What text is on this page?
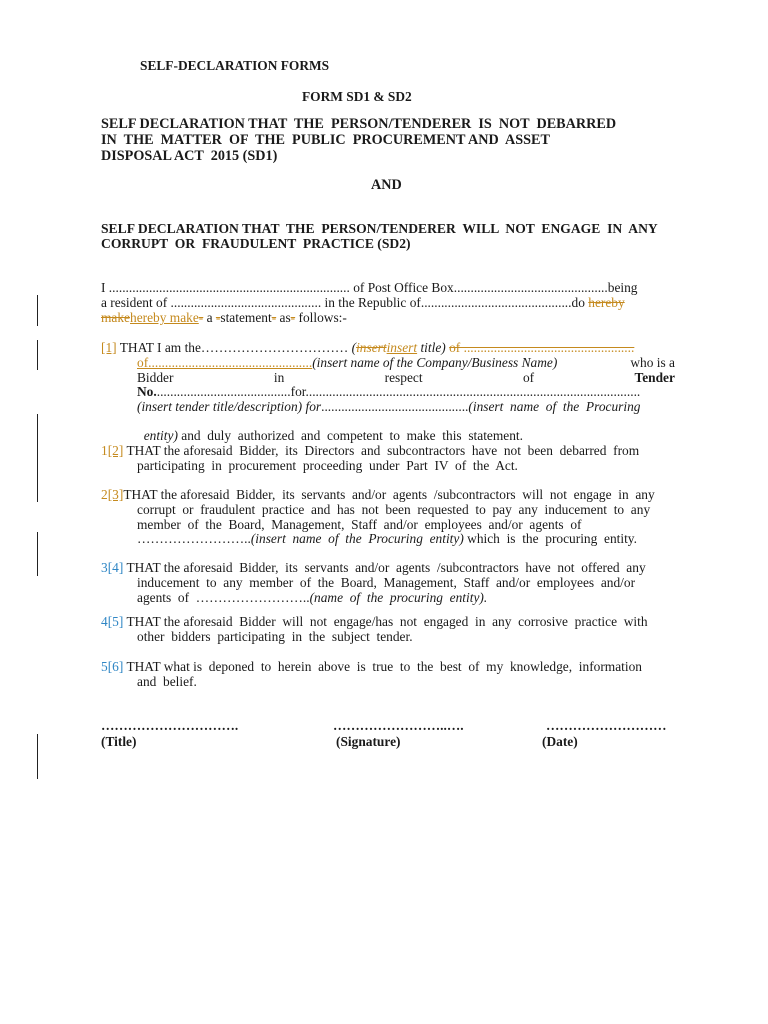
SELF-DECLARATION FORMS
FORM SD1 & SD2
SELF DECLARATION THAT  THE  PERSON/TENDERER  IS  NOT  DEBARRED
IN  THE  MATTER  OF  THE  PUBLIC  PROCUREMENT AND  ASSET
DISPOSAL ACT  2015 (SD1)
AND
SELF DECLARATION THAT  THE  PERSON/TENDERER  WILL  NOT  ENGAGE  IN  ANY
CORRUPT  OR  FRAUDULENT  PRACTICE (SD2)
I ........................................................................ of Post Office Box..............................................being
a resident of ............................................. in the Republic of.............................................do hereby
makehereby make- a -statement- as- follows:-
[1] THAT I am the…………………………… (insertinsert title) of ...................................................
of.................................................(insert name of the Company/Business Name)	who is a
Bidder	in	respect	of	Tender
No.........................................for....................................................................................................
(insert tender title/description) for............................................(insert  name  of  the  Procuring

entity) and  duly  authorized  and  competent  to  make  this  statement.

1[2] THAT the aforesaid  Bidder,  its  Directors  and  subcontractors  have  not  been  debarred  from
participating  in  procurement  proceeding  under  Part  IV  of  the  Act.
2[3]THAT the aforesaid  Bidder,  its  servants  and/or  agents  /subcontractors  will  not  engage  in  any
corrupt  or  fraudulent  practice  and  has  not  been  requested  to  pay  any  inducement  to  any
member  of  the  Board,  Management,  Staff  and/or  employees  and/or  agents  of
……………………..(insert  name  of  the  Procuring  entity) which  is  the  procuring  entity.
3[4] THAT the aforesaid  Bidder,  its  servants  and/or  agents  /subcontractors  have  not  offered  any
inducement  to  any  member  of  the  Board,  Management,  Staff  and/or  employees  and/or
agents  of  ……………………..(name  of  the  procuring  entity).
4[5] THAT the aforesaid  Bidder  will  not  engage/has  not  engaged  in  any  corrosive  practice  with
other  bidders  participating  in  the  subject  tender.
5[6] THAT what is  deponed  to  herein  above  is  true  to  the  best  of  my  knowledge,  information
and  belief.
………………………….
(Title)
……………………..….
(Signature)
………………………
(Date)
